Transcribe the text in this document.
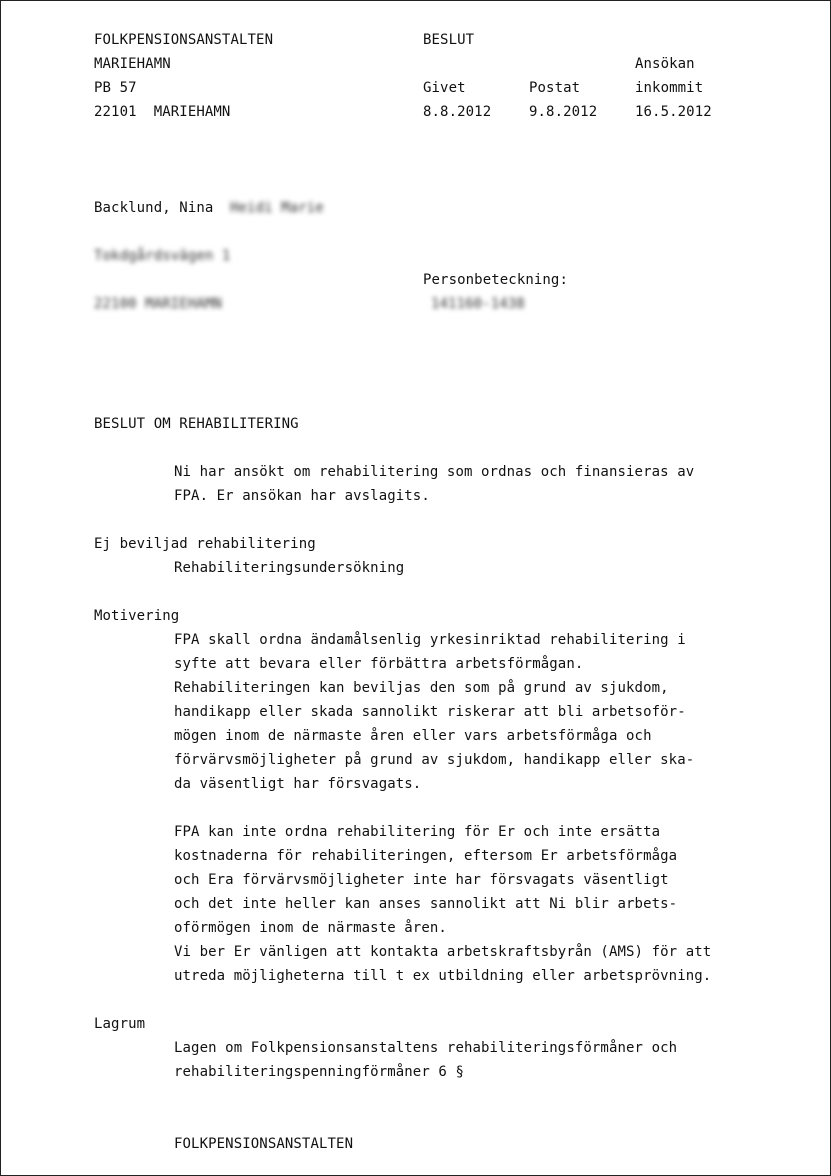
FOLKPENSIONSANSTALTEN
MARIEHAMN
PB 57
22101  MARIEHAMN
BESLUT
Ansökan
Givet	Postat	inkommit
8.8.2012	9.8.2012	16.5.2012
Backlund, Nina Heidi Marie
Tokdgårdsvägen 1
Personbeteckning:
22100 MARIEHAMN	141160-1438
BESLUT OM REHABILITERING
Ni har ansökt om rehabilitering som ordnas och finansieras av
FPA. Er ansökan har avslagits.
Ej beviljad rehabilitering
Rehabiliteringsundersökning
Motivering
FPA skall ordna ändamålsenlig yrkesinriktad rehabilitering i
syfte att bevara eller förbättra arbetsförmågan.
Rehabiliteringen kan beviljas den som på grund av sjukdom,
handikapp eller skada sannolikt riskerar att bli arbetsoför-
mögen inom de närmaste åren eller vars arbetsförmåga och
förvärvsmöjligheter på grund av sjukdom, handikapp eller ska-
da väsentligt har försvagats.
FPA kan inte ordna rehabilitering för Er och inte ersätta
kostnaderna för rehabiliteringen, eftersom Er arbetsförmåga
och Era förvärvsmöjligheter inte har försvagats väsentligt
och det inte heller kan anses sannolikt att Ni blir arbets-
oförmögen inom de närmaste åren.
Vi ber Er vänligen att kontakta arbetskraftsbyrån (AMS) för att
utreda möjligheterna till t ex utbildning eller arbetsprövning.
Lagrum
Lagen om Folkpensionsanstaltens rehabiliteringsförmåner och
rehabiliteringspenningförmåner 6 §
FOLKPENSIONSANSTALTEN
